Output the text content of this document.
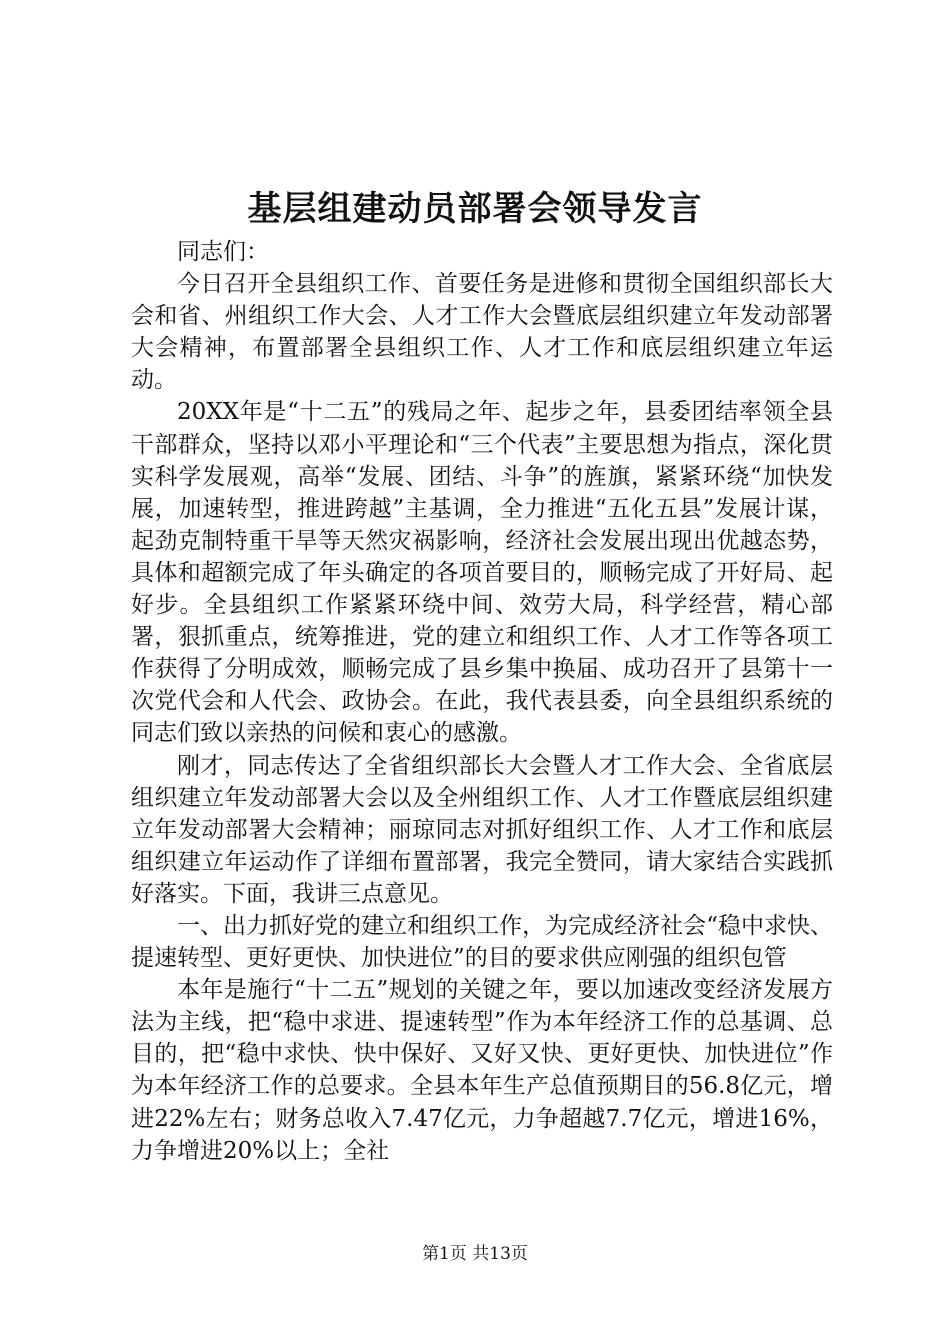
基层组建动员部署会领导发言

同志们：

今日召开全县组织工作、首要任务是进修和贯彻全国组织部长大会和省、州组织工作大会、人才工作大会暨底层组织建立年发动部署大会精神，布置部署全县组织工作、人才工作和底层组织建立年运动。

20XX年是“十二五”的残局之年、起步之年，县委团结率领全县干部群众，坚持以邓小平理论和“三个代表”主要思想为指点，深化贯实科学发展观，高举“发展、团结、斗争”的旌旗，紧紧环绕“加快发展，加速转型，推进跨越”主基调，全力推进“五化五县”发展计谋，起劲克制特重干旱等天然灾祸影响，经济社会发展出现出优越态势，具体和超额完成了年头确定的各项首要目的，顺畅完成了开好局、起好步。全县组织工作紧紧环绕中间、效劳大局，科学经营，精心部署，狠抓重点，统筹推进，党的建立和组织工作、人才工作等各项工作获得了分明成效，顺畅完成了县乡集中换届、成功召开了县第十一次党代会和人代会、政协会。在此，我代表县委，向全县组织系统的同志们致以亲热的问候和衷心的感激。

刚才，同志传达了全省组织部长大会暨人才工作大会、全省底层组织建立年发动部署大会以及全州组织工作、人才工作暨底层组织建立年发动部署大会精神；丽琼同志对抓好组织工作、人才工作和底层组织建立年运动作了详细布置部署，我完全赞同，请大家结合实践抓好落实。下面，我讲三点意见。

一、出力抓好党的建立和组织工作，为完成经济社会“稳中求快、提速转型、更好更快、加快进位”的目的要求供应刚强的组织包管

本年是施行“十二五”规划的关键之年，要以加速改变经济发展方法为主线，把“稳中求进、提速转型”作为本年经济工作的总基调、总目的，把“稳中求快、快中保好、又好又快、更好更快、加快进位”作为本年经济工作的总要求。全县本年生产总值预期目的56.8亿元，增进22%左右；财务总收入7.47亿元，力争超越7.7亿元，增进16%，力争增进20%以上；全社

第1页 共13页
